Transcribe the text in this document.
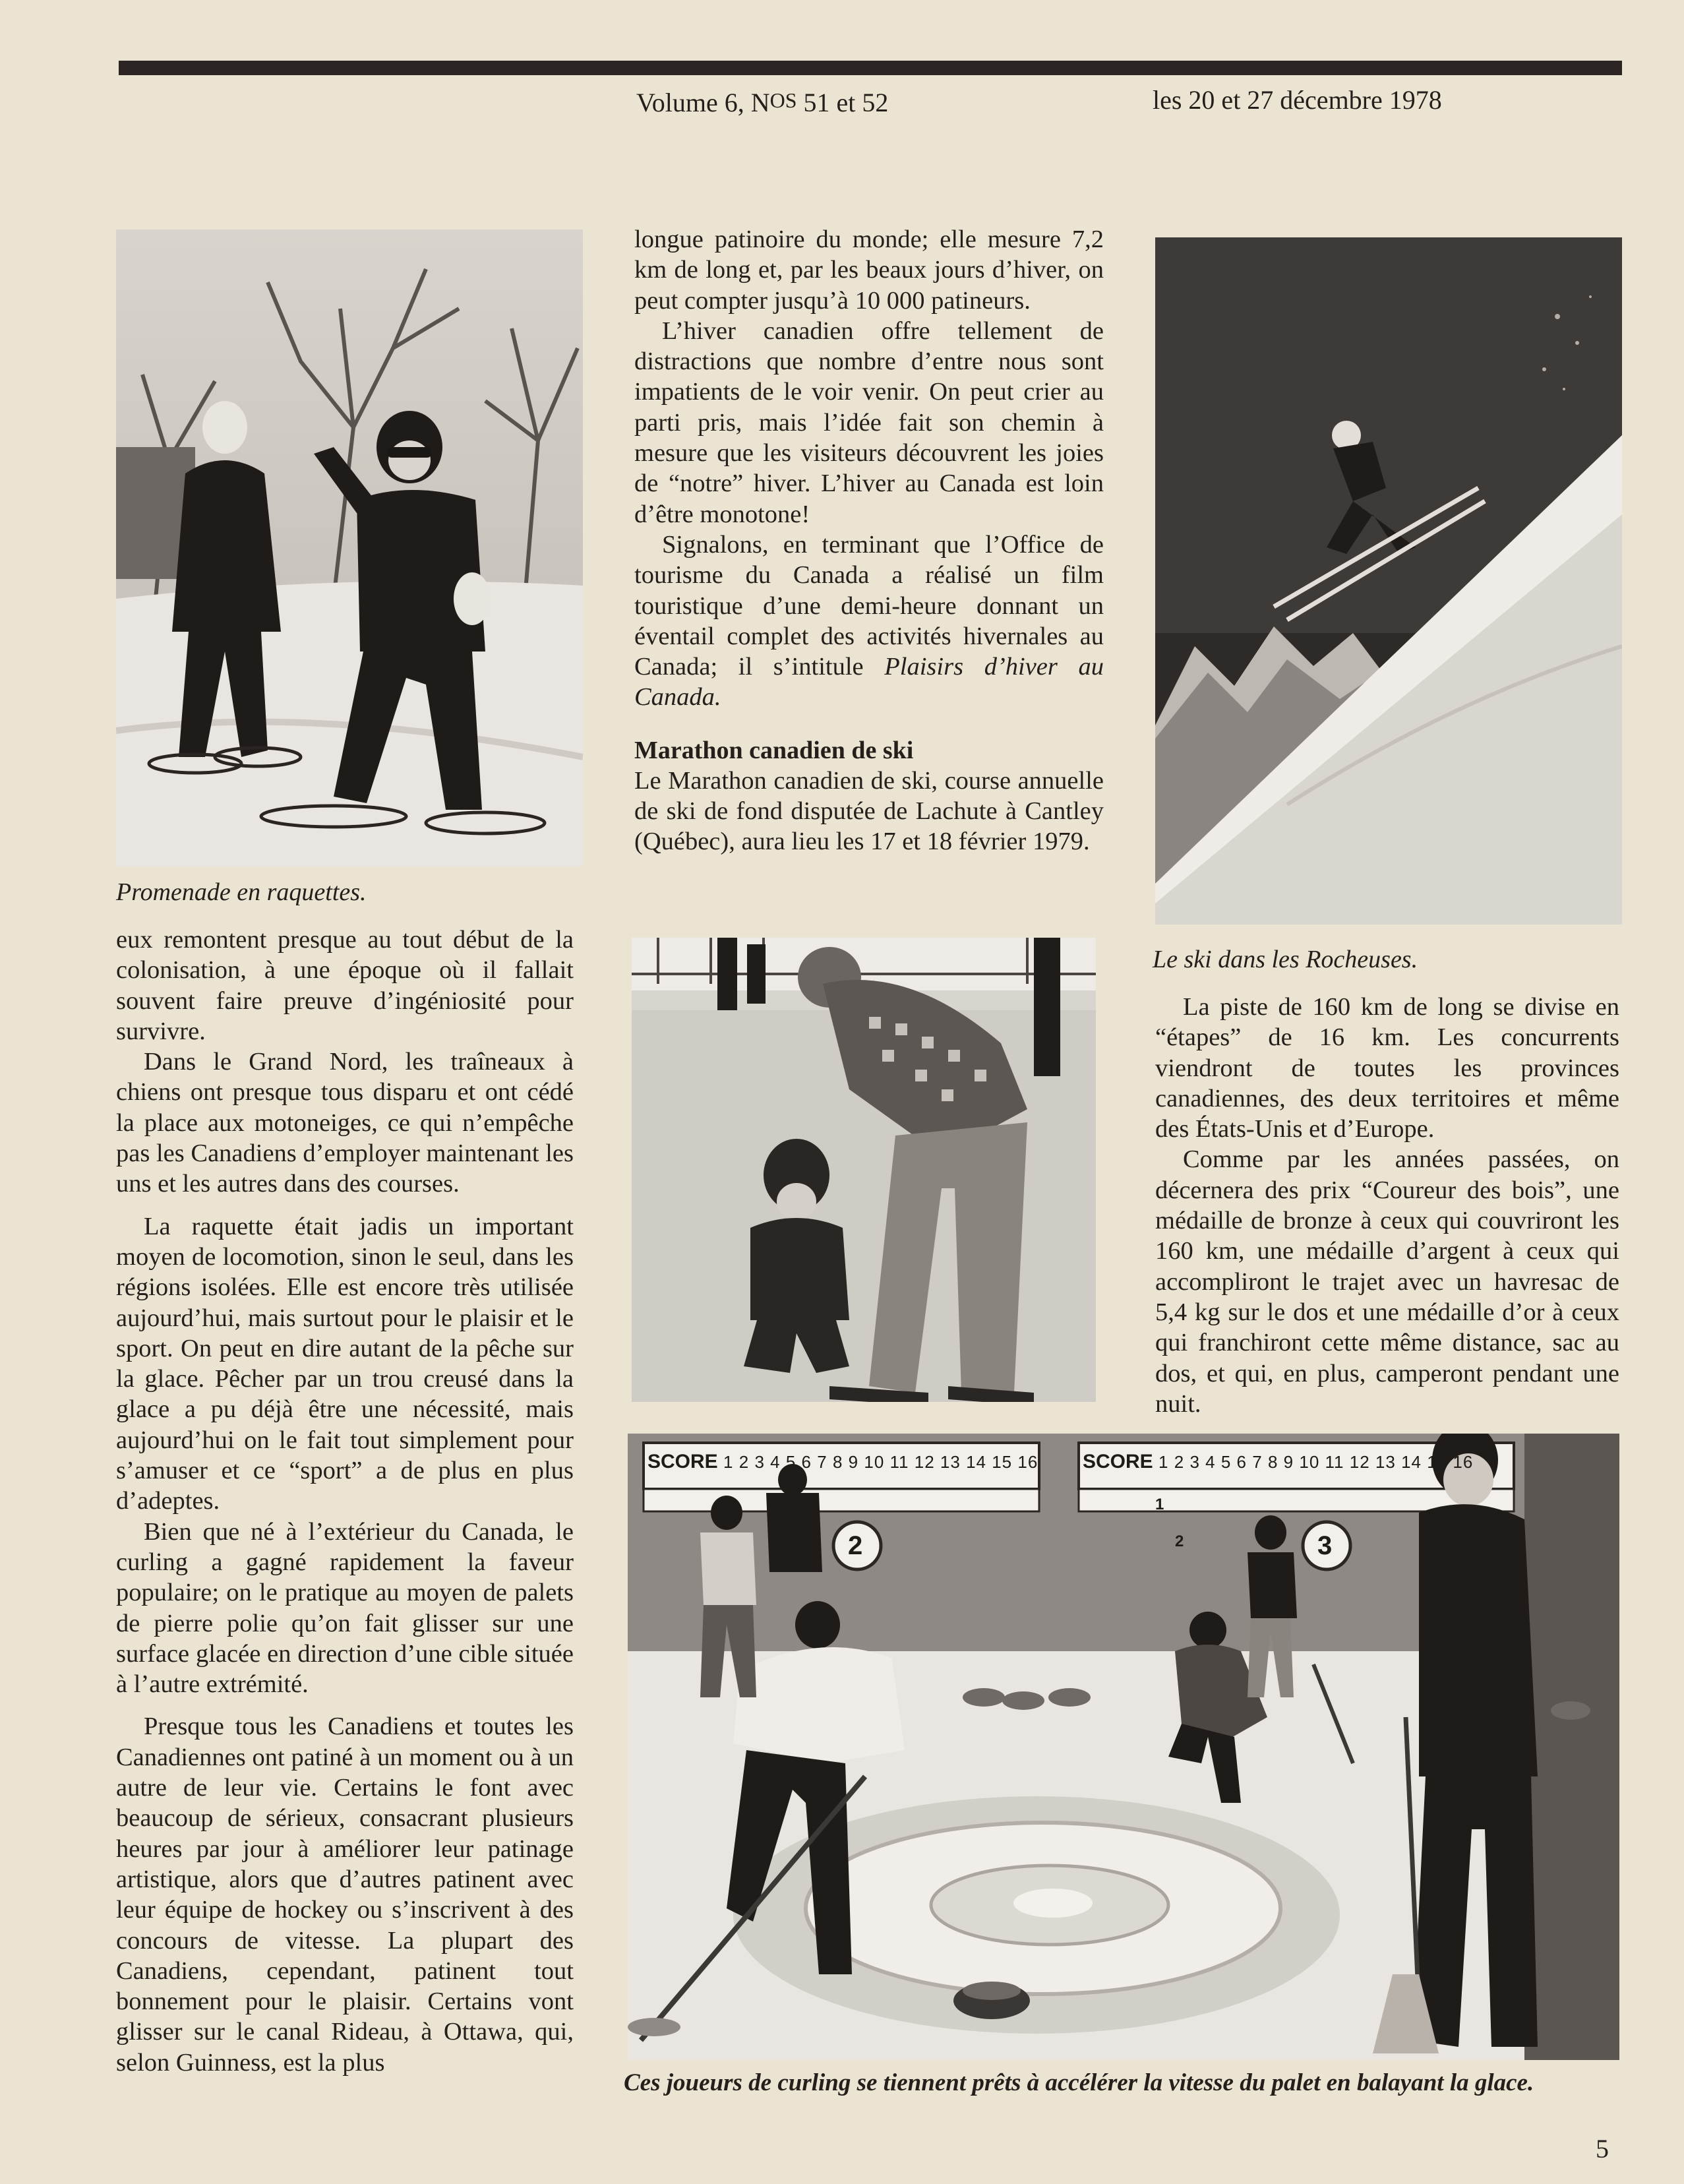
Volume 6, NOS 51 et 52	les 20 et 27 décembre 1978
Promenade en raquettes.
Le ski dans les Rocheuses.
SCORE 1 2 3 4 5 6 7 8 9 10 11 12 13 14 15 16 SCORE 1 2 3 4 5 6 7 8 9 10 11 12 13 14 15 16
1
2	3
2
Ces joueurs de curling se tiennent prêts à accélérer la vitesse du palet en balayant la glace.

eux remontent presque au tout début de la colonisation, à une époque où il fallait souvent faire preuve d’ingéniosité pour survivre.

Dans le Grand Nord, les traîneaux à chiens ont presque tous disparu et ont cédé la place aux motoneiges, ce qui n’empêche pas les Canadiens d’employer maintenant les uns et les autres dans des courses.

La raquette était jadis un important moyen de locomotion, sinon le seul, dans les régions isolées. Elle est encore très utilisée aujourd’hui, mais surtout pour le plaisir et le sport. On peut en dire autant de la pêche sur la glace. Pêcher par un trou creusé dans la glace a pu déjà être une nécessité, mais aujourd’hui on le fait tout simplement pour s’amuser et ce “sport” a de plus en plus d’adeptes.

Bien que né à l’extérieur du Canada, le curling a gagné rapidement la faveur populaire; on le pratique au moyen de palets de pierre polie qu’on fait glisser sur une surface glacée en direction d’une cible située à l’autre extrémité.

Presque tous les Canadiens et toutes les Canadiennes ont patiné à un moment ou à un autre de leur vie. Certains le font avec beaucoup de sérieux, consacrant plusieurs heures par jour à améliorer leur patinage artistique, alors que d’autres patinent avec leur équipe de hockey ou s’inscrivent à des concours de vitesse. La plupart des Canadiens, cependant, patinent tout bonnement pour le plaisir. Certains vont glisser sur le canal Rideau, à Ottawa, qui, selon Guinness, est la plus

longue patinoire du monde; elle mesure 7,2 km de long et, par les beaux jours d’hiver, on peut compter jusqu’à 10 000 patineurs.

L’hiver canadien offre tellement de distractions que nombre d’entre nous sont impatients de le voir venir. On peut crier au parti pris, mais l’idée fait son chemin à mesure que les visiteurs découvrent les joies de “notre” hiver. L’hiver au Canada est loin d’être monotone!

Signalons, en terminant que l’Office de tourisme du Canada a réalisé un film touristique d’une demi-heure donnant un éventail complet des activités hivernales au Canada; il s’intitule Plaisirs d’hiver au Canada.

Marathon canadien de ski

Le Marathon canadien de ski, course annuelle de ski de fond disputée de Lachute à Cantley (Québec), aura lieu les 17 et 18 février 1979.

La piste de 160 km de long se divise en “étapes” de 16 km. Les concurrents viendront de toutes les provinces canadiennes, des deux territoires et même des États-Unis et d’Europe.

Comme par les années passées, on décernera des prix “Coureur des bois”, une médaille de bronze à ceux qui couvriront les 160 km, une médaille d’argent à ceux qui accompliront le trajet avec un havresac de 5,4 kg sur le dos et une médaille d’or à ceux qui franchiront cette même distance, sac au dos, et qui, en plus, camperont pendant une nuit.

5
